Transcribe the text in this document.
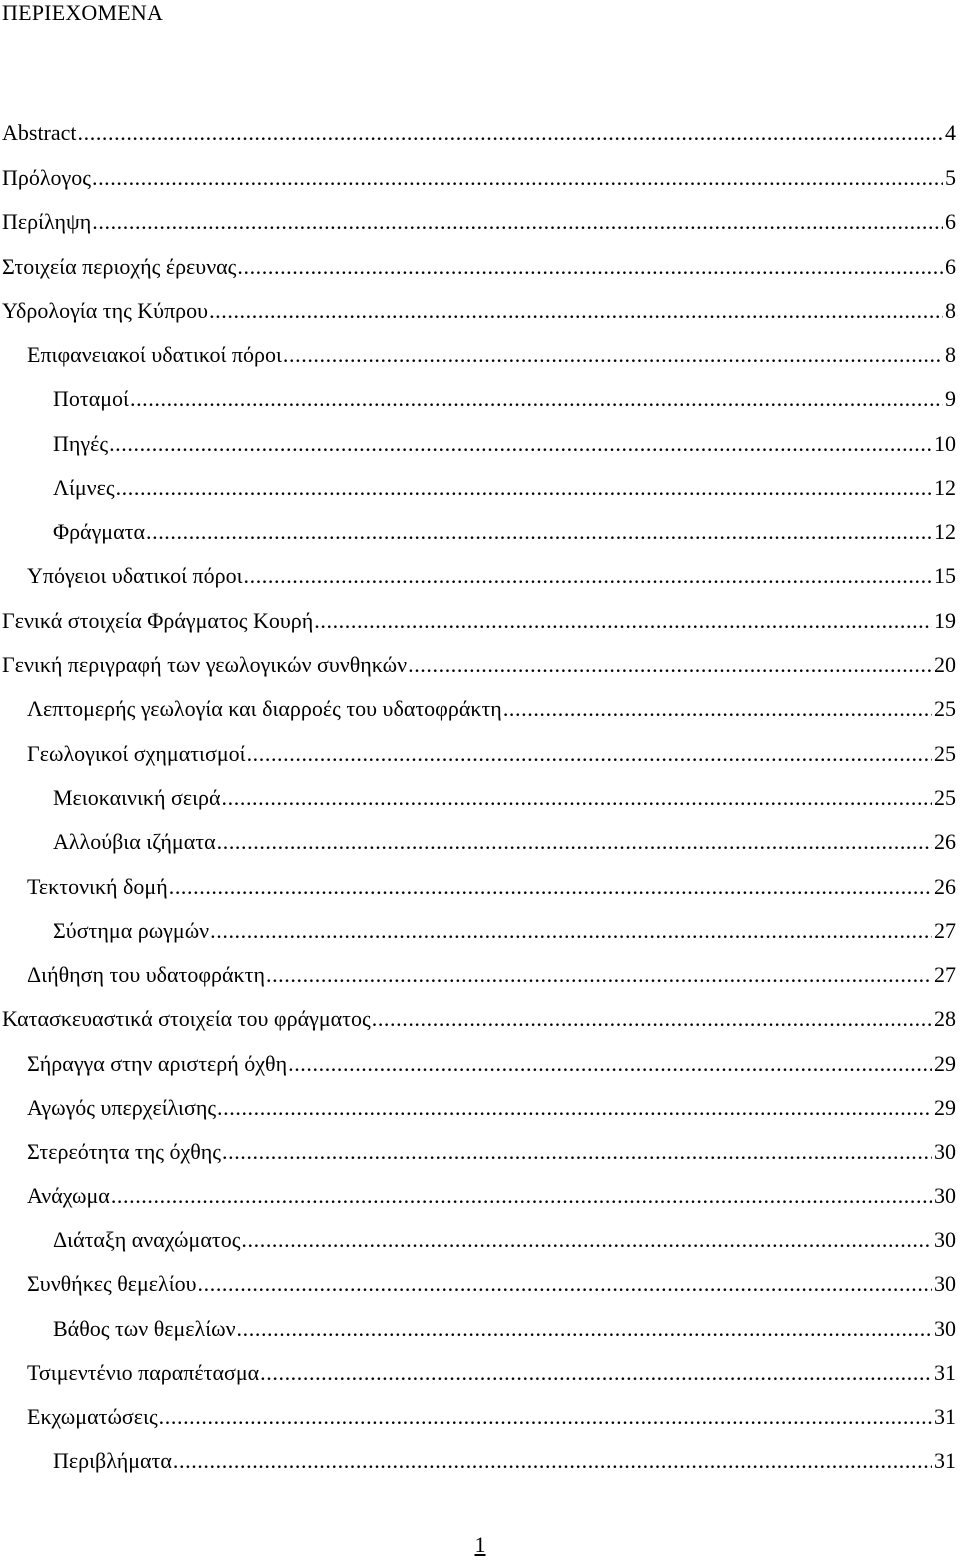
ΠΕΡΙΕΧΟΜΕΝΑ
Abstract .....	4
Πρόλογος .....	5
Περίληψη .....	6
Στοιχεία περιοχής έρευνας .....	6
Υδρολογία της Κύπρου .....	8
Επιφανειακοί υδατικοί πόροι .....	8
Ποταμοί .....	9
Πηγές .....	10
Λίμνες .....	12
Φράγματα .....	12
Υπόγειοι υδατικοί πόροι .....	15
Γενικά στοιχεία Φράγματος Κουρή .....	19
Γενική περιγραφή των γεωλογικών συνθηκών .....	20
Λεπτομερής γεωλογία και διαρροές του υδατοφράκτη .....	25
Γεωλογικοί σχηματισμοί .....	25
Μειοκαινική σειρά .....	25
Αλλούβια ιζήματα .....	26
Τεκτονική δομή .....	26
Σύστημα ρωγμών .....	27
Διήθηση του υδατοφράκτη .....	27
Κατασκευαστικά στοιχεία του φράγματος .....	28
Σήραγγα στην αριστερή όχθη .....	29
Αγωγός υπερχείλισης .....	29
Στερεότητα της όχθης .....	30
Ανάχωμα .....	30
Διάταξη αναχώματος .....	30
Συνθήκες θεμελίου .....	30
Βάθος των θεμελίων .....	30
Τσιμεντένιο παραπέτασμα .....	31
Εκχωματώσεις .....	31
Περιβλήματα .....	31
1
